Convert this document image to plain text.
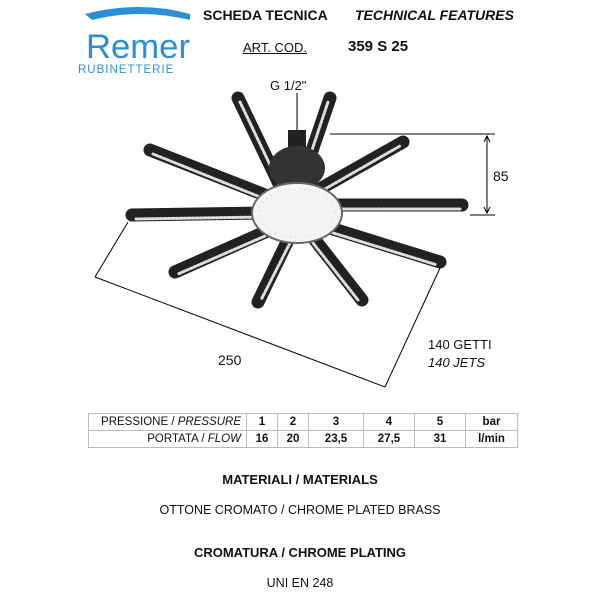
Remer
RUBINETTERIE
SCHEDA TECNICA TECHNICAL FEATURES
ART. COD.	359 S 25
G 1/2"
85
250
140 GETTI
140 JETS
PRESSIONE / PRESSURE	1	2	3	4	5	bar
PORTATA / FLOW	16	20	23,5	27,5	31	l/min
MATERIALI / MATERIALS
OTTONE CROMATO / CHROME PLATED BRASS
CROMATURA / CHROME PLATING
UNI EN 248
